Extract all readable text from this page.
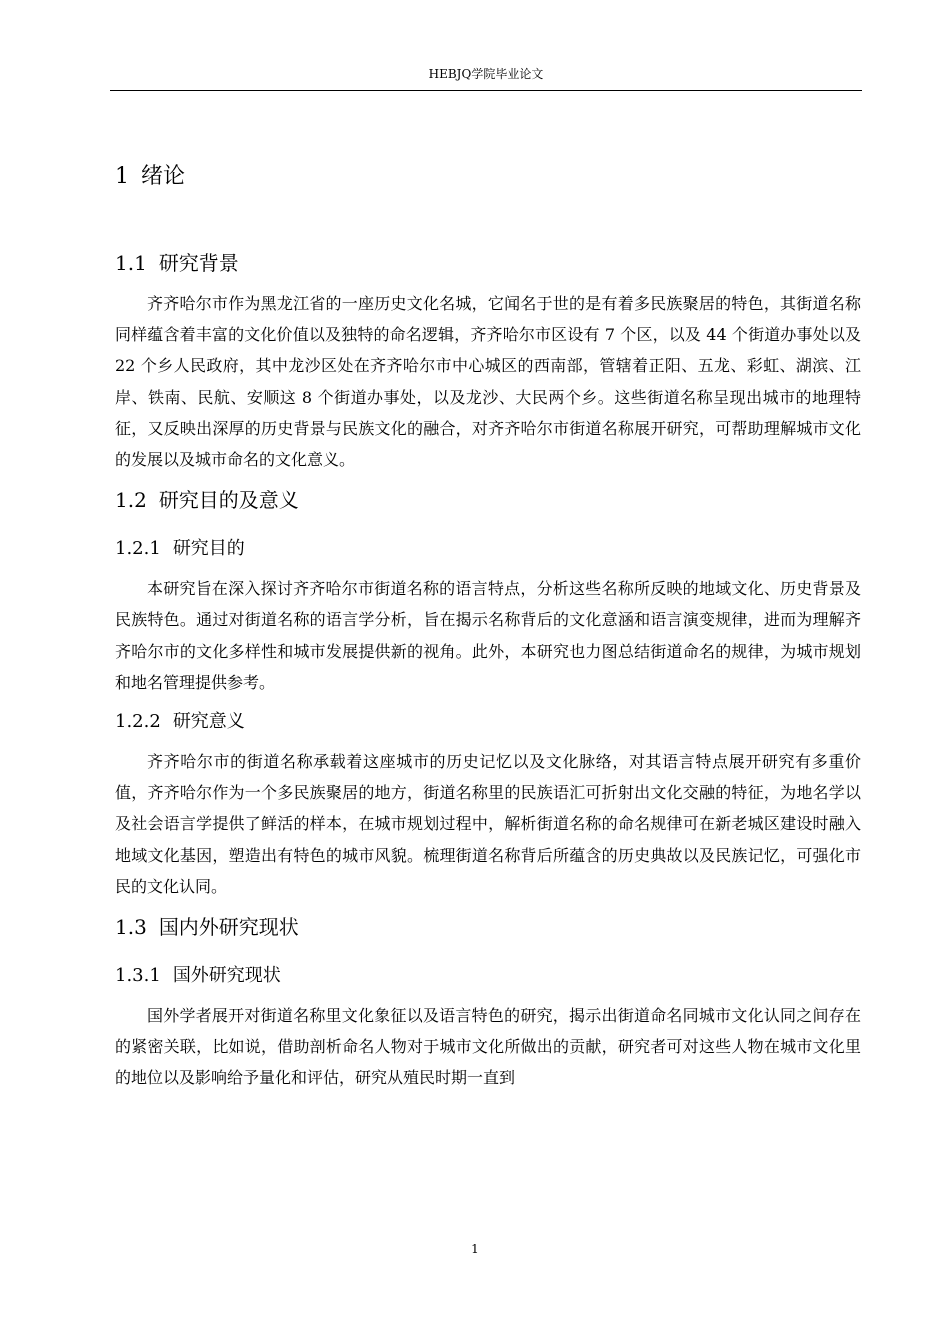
HEBJQ学院毕业论文
1 绪论
1.1 研究背景

齐齐哈尔市作为黑龙江省的一座历史文化名城，它闻名于世的是有着多民族聚居的特色，其街道名称同样蕴含着丰富的文化价值以及独特的命名逻辑，齐齐哈尔市区设有 7 个区，以及 44 个街道办事处以及 22 个乡人民政府，其中龙沙区处在齐齐哈尔市中心城区的西南部，管辖着正阳、五龙、彩虹、湖滨、江岸、铁南、民航、安顺这 8 个街道办事处，以及龙沙、大民两个乡。这些街道名称呈现出城市的地理特征，又反映出深厚的历史背景与民族文化的融合，对齐齐哈尔市街道名称展开研究，可帮助理解城市文化的发展以及城市命名的文化意义。

1.2 研究目的及意义
1.2.1 研究目的

本研究旨在深入探讨齐齐哈尔市街道名称的语言特点，分析这些名称所反映的地域文化、历史背景及民族特色。通过对街道名称的语言学分析，旨在揭示名称背后的文化意涵和语言演变规律，进而为理解齐齐哈尔市的文化多样性和城市发展提供新的视角。此外，本研究也力图总结街道命名的规律，为城市规划和地名管理提供参考。

1.2.2 研究意义

齐齐哈尔市的街道名称承载着这座城市的历史记忆以及文化脉络，对其语言特点展开研究有多重价值，齐齐哈尔作为一个多民族聚居的地方，街道名称里的民族语汇可折射出文化交融的特征，为地名学以及社会语言学提供了鲜活的样本，在城市规划过程中，解析街道名称的命名规律可在新老城区建设时融入地域文化基因，塑造出有特色的城市风貌。梳理街道名称背后所蕴含的历史典故以及民族记忆，可强化市民的文化认同。

1.3 国内外研究现状
1.3.1 国外研究现状

国外学者展开对街道名称里文化象征以及语言特色的研究，揭示出街道命名同城市文化认同之间存在的紧密关联，比如说，借助剖析命名人物对于城市文化所做出的贡献，研究者可对这些人物在城市文化里的地位以及影响给予量化和评估，研究从殖民时期一直到

1
